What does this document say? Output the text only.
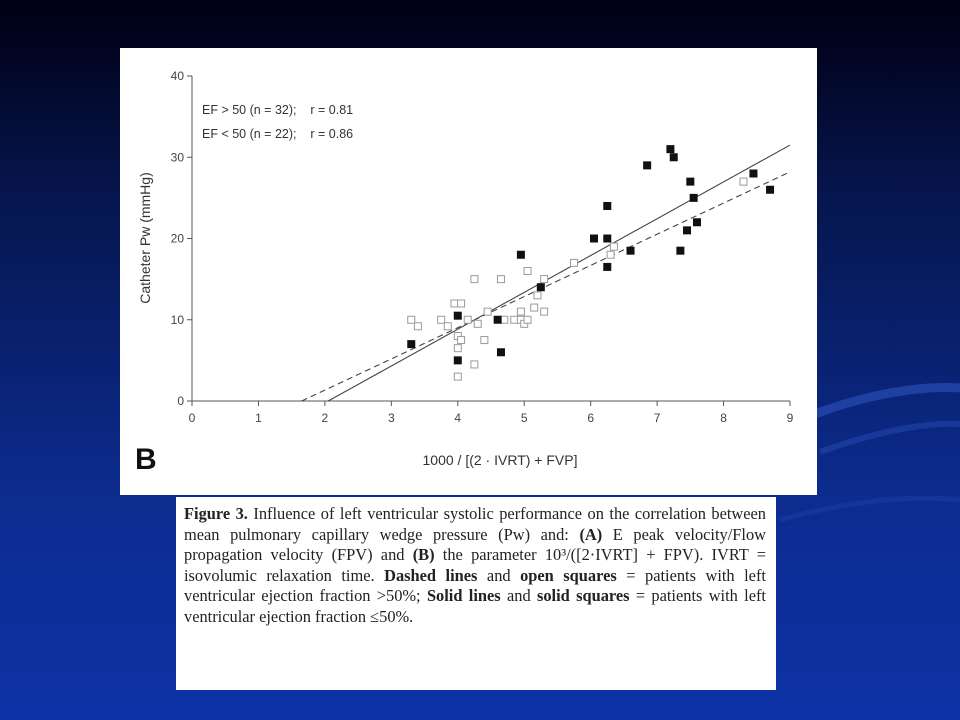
0	1	2	3	4	5	6	7	8	9
0
10
20
30
40
EF > 50 (n = 32);    r = 0.81
EF < 50 (n = 22);    r = 0.86
Catheter Pw (mmHg)
1000 / [(2 · IVRT) + FVP]
B
Figure 3. Influence of left ventricular systolic performance on the correlation between mean pulmonary capillary wedge pressure (Pw) and: (A) E peak velocity/Flow propagation velocity (FPV) and (B) the parameter 10³/([2·IVRT] + FPV). IVRT = isovolumic relaxation time. Dashed lines and open squares = patients with left ventricular ejection fraction >50%; Solid lines and solid squares = patients with left ventricular ejection fraction ≤50%.
